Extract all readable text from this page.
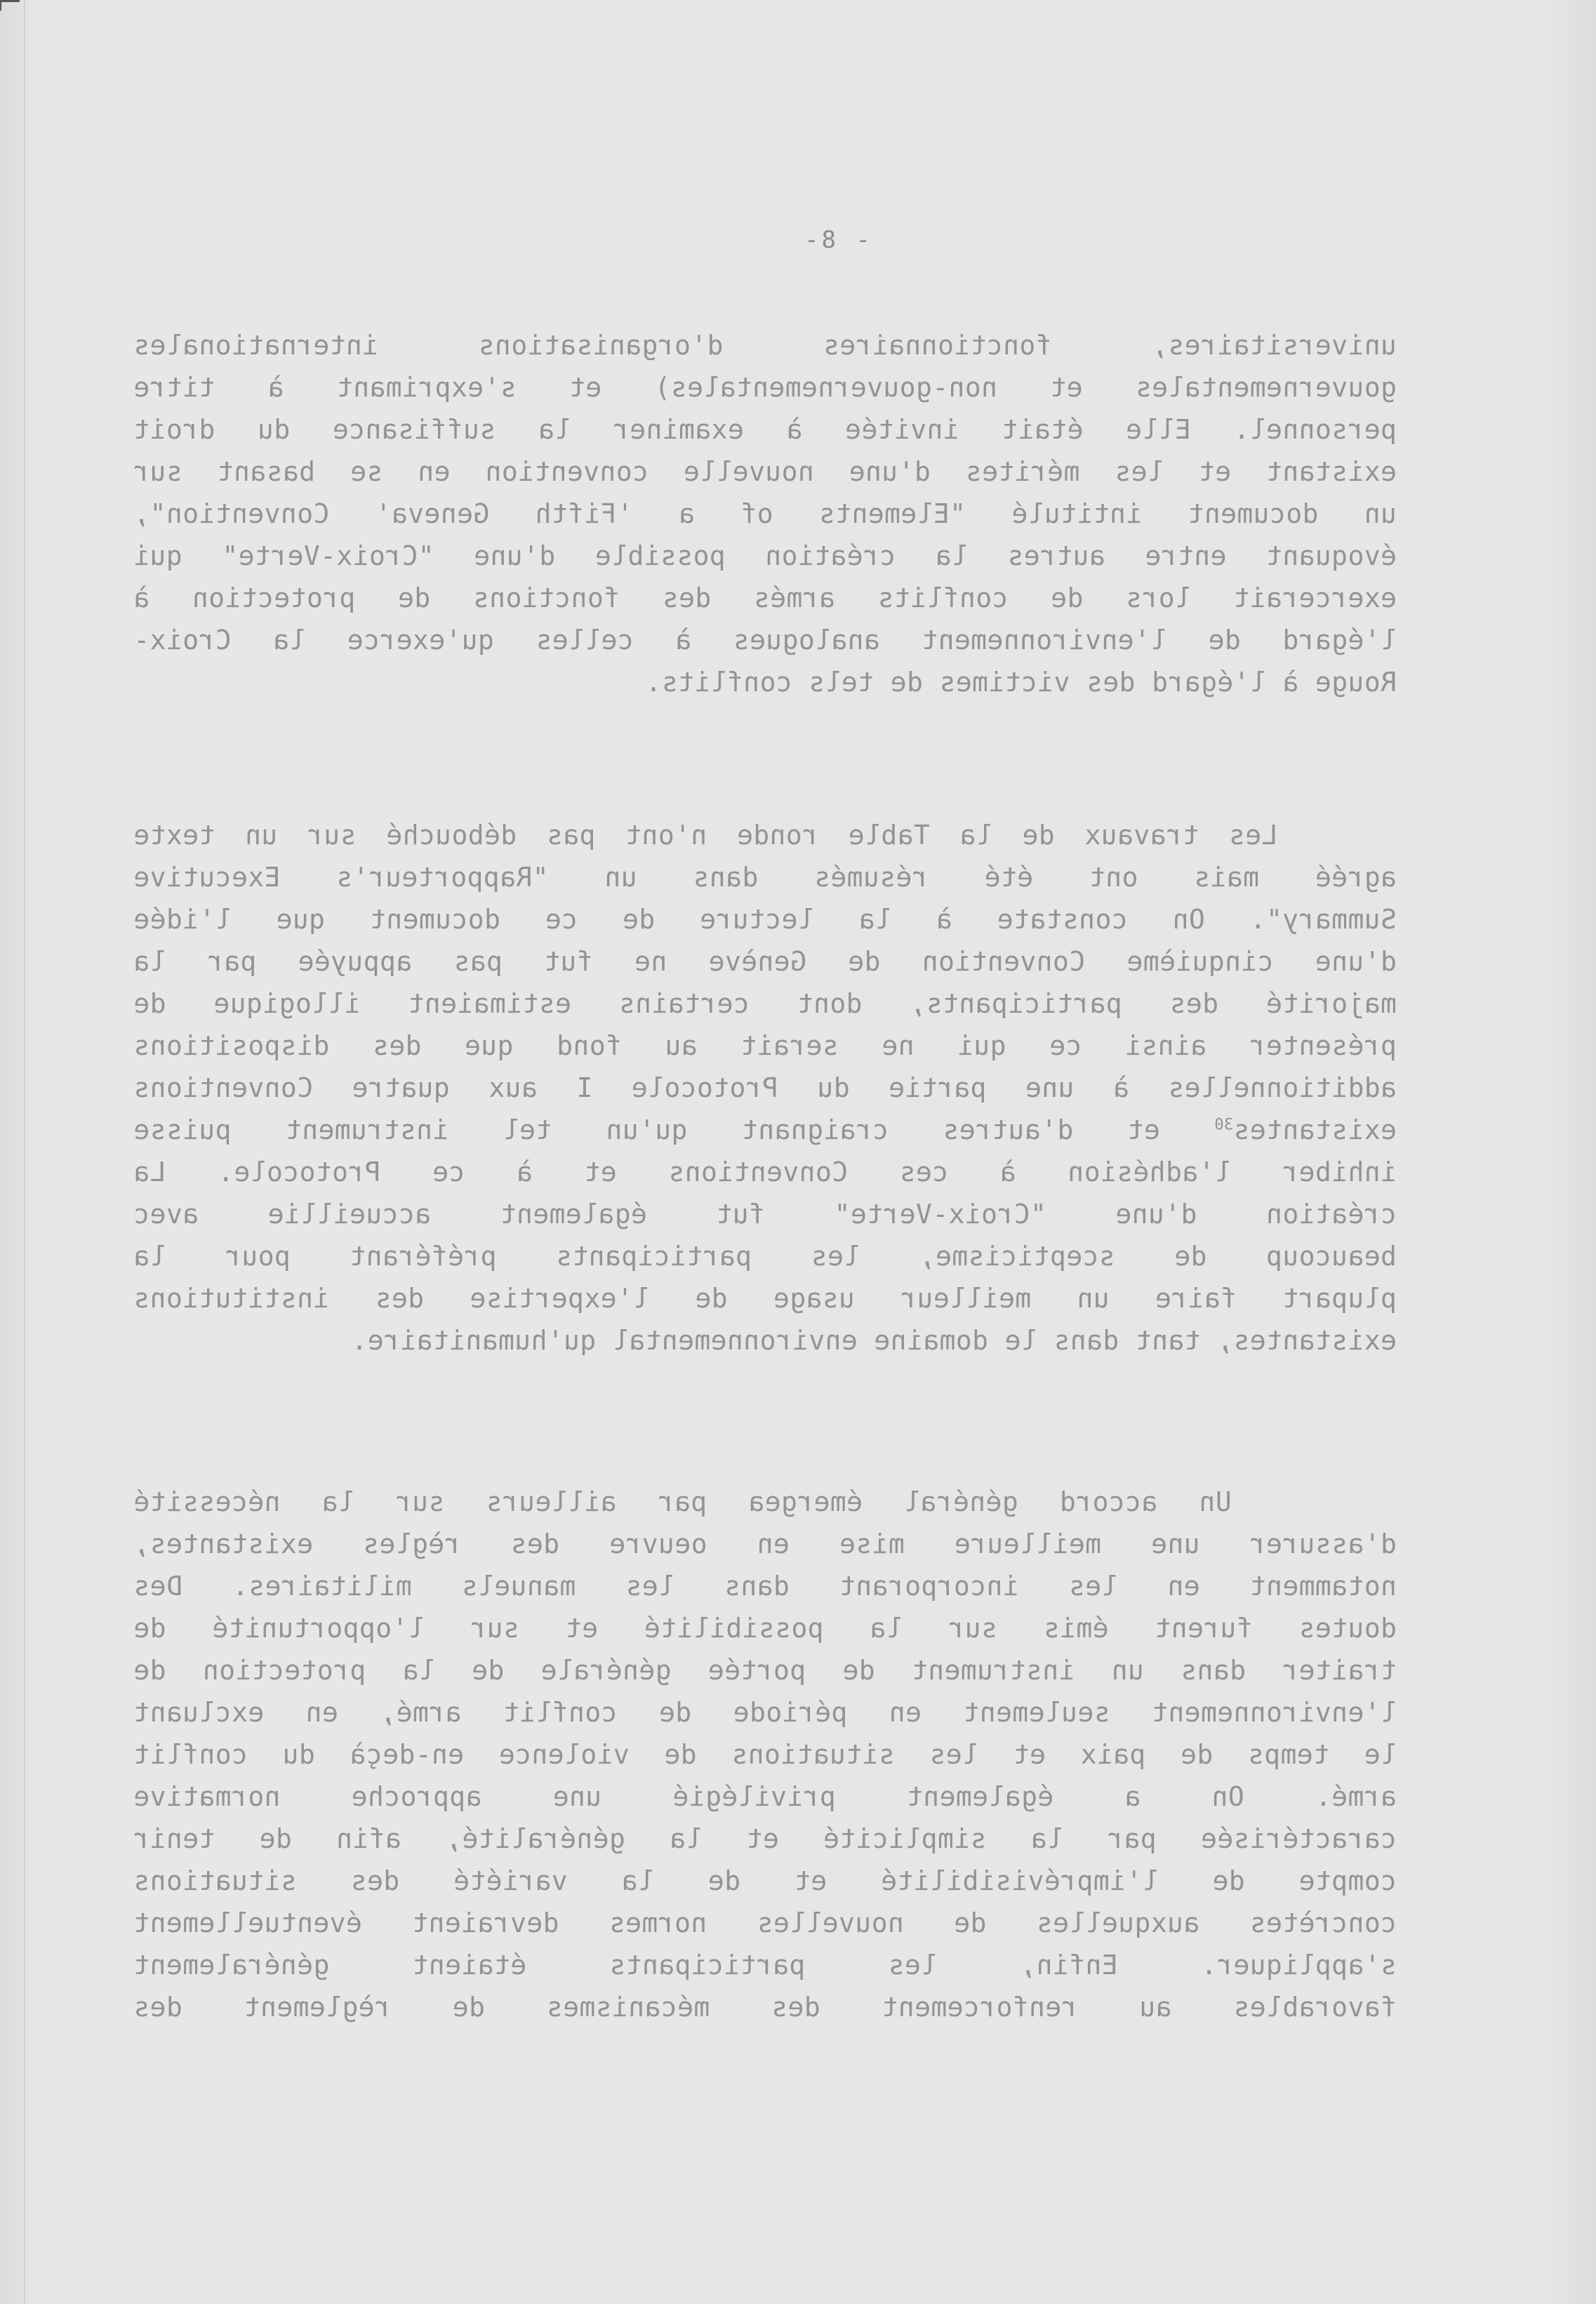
- 8-
universitaires, fonctionnaires d'organisations internationales
gouvernementales et non-gouvernementales) et s'exprimant à titre
personnel. Elle était invitée à examiner la suffisance du droit
existant et les mérites d'une nouvelle convention en se basant sur
un document intitulé "Elements of a 'Fifth Geneva' Convention",
évoquant entre autres la création possible d'une "Croix-Verte" qui
exercerait lors de conflits armés des fonctions de protection à
l'égard de l'environnement analogues à celles qu'exerce la Croix-
Rouge à l'égard des victimes de tels conflits.
Les travaux de la Table ronde n'ont pas débouché sur un texte
agréé mais ont été résumés dans un "Rapporteur's Executive
Summary". On constate à la lecture de ce document que l'idée
d'une cinquième Convention de Genève ne fut pas appuyée par la
majorité des participants, dont certains estimaient illogique de
présenter ainsi ce qui ne serait au fond que des dispositions
additionnelles à une partie du Protocole I aux quatre Conventions
existantes$^{30}$ et d'autres craignant qu'un tel instrument puisse
inhiber l'adhésion à ces Conventions et à ce Protocole. La
création d'une "Croix-Verte" fut également accueillie avec
beaucoup de scepticisme, les participants préférant pour la
plupart faire un meilleur usage de l'expertise des institutions
existantes, tant dans le domaine environnemental qu'humanitaire.
Un accord général émergea par ailleurs sur la nécessité
d'assurer une meilleure mise en oeuvre des règles existantes,
notamment en les incorporant dans les manuels militaires. Des
doutes furent émis sur la possibilité et sur l'opportunité de
traiter dans un instrument de portée générale de la protection de
l'environnement seulement en période de conflit armé, en excluant
le temps de paix et les situations de violence en-deçà du conflit
armé. On a également privilégié une approche normative
caractérisée par la simplicité et la généralité, afin de tenir
compte de l'imprévisibilité et de la variété des situations
concrètes auxquelles de nouvelles normes devraient éventuellement
s'appliquer. Enfin, les participants étaient généralement
favorables au renforcement des mécanismes de règlement des
